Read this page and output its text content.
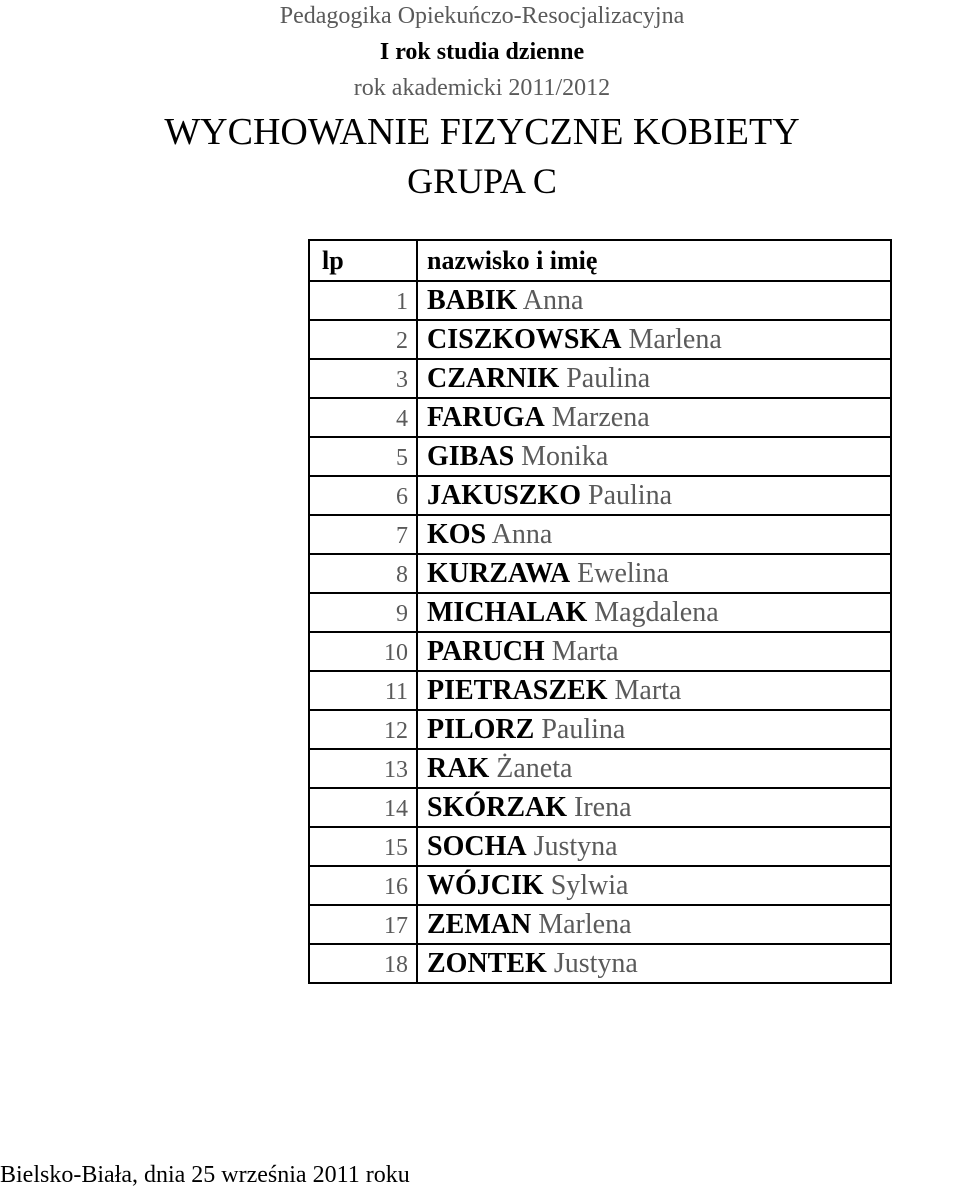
Pedagogika Opiekuńczo-Resocjalizacyjna
I rok studia dzienne
rok akademicki 2011/2012
WYCHOWANIE FIZYCZNE KOBIETY
GRUPA C
lp	nazwisko i imię
1	BABIK Anna
2	CISZKOWSKA Marlena
3	CZARNIK Paulina
4	FARUGA Marzena
5	GIBAS Monika
6	JAKUSZKO Paulina
7	KOS Anna
8	KURZAWA Ewelina
9	MICHALAK Magdalena
10	PARUCH Marta
11	PIETRASZEK Marta
12	PILORZ Paulina
13	RAK Żaneta
14	SKÓRZAK Irena
15	SOCHA Justyna
16	WÓJCIK Sylwia
17	ZEMAN Marlena
18	ZONTEK Justyna
Bielsko-Biała, dnia 25 września 2011 roku
